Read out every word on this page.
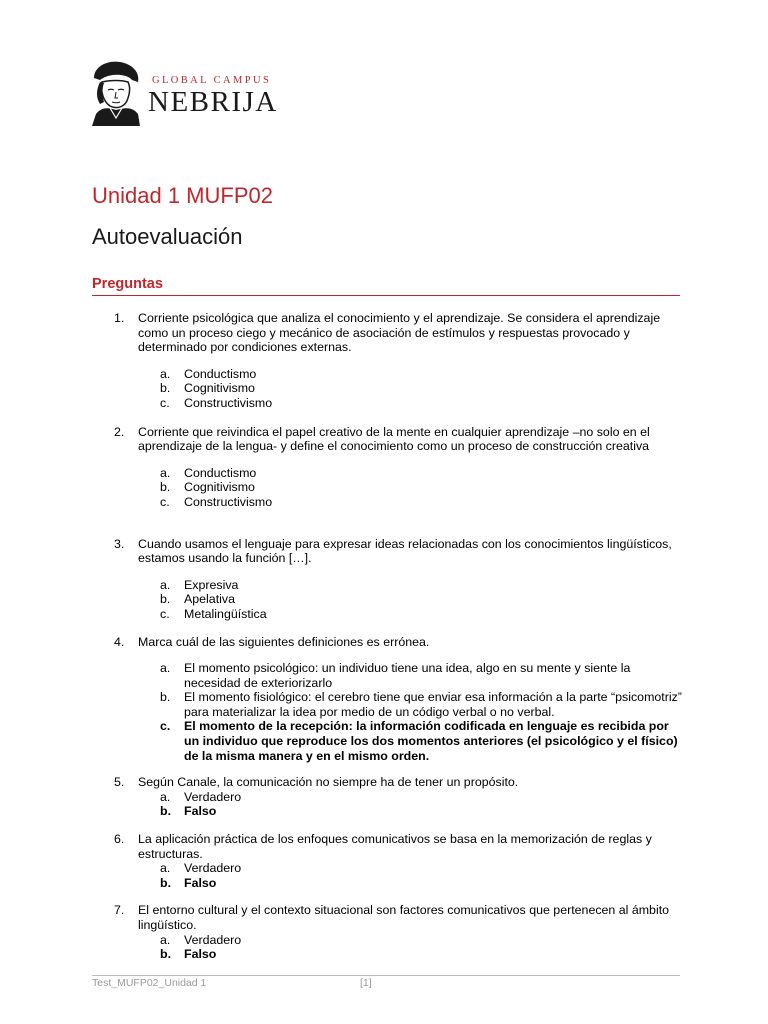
GLOBAL CAMPUS
NEBRIJA
Unidad 1 MUFP02
Autoevaluación
Preguntas
1. Corriente psicológica que analiza el conocimiento y el aprendizaje. Se considera el aprendizaje como un proceso ciego y mecánico de asociación de estímulos y respuestas provocado y determinado por condiciones externas.
a. Conductismo
b. Cognitivismo
c. Constructivismo
2. Corriente que reivindica el papel creativo de la mente en cualquier aprendizaje –no solo en el aprendizaje de la lengua- y define el conocimiento como un proceso de construcción creativa
a. Conductismo
b. Cognitivismo
c. Constructivismo
3. Cuando usamos el lenguaje para expresar ideas relacionadas con los conocimientos lingüísticos, estamos usando la función […].
a. Expresiva
b. Apelativa
c. Metalingüística
4. Marca cuál de las siguientes definiciones es errónea.
a. El momento psicológico: un individuo tiene una idea, algo en su mente y siente la necesidad de exteriorizarlo
b. El momento fisiológico: el cerebro tiene que enviar esa información a la parte “psicomotriz” para materializar la idea por medio de un código verbal o no verbal.
c. El momento de la recepción: la información codificada en lenguaje es recibida por un individuo que reproduce los dos momentos anteriores (el psicológico y el físico) de la misma manera y en el mismo orden.
5. Según Canale, la comunicación no siempre ha de tener un propósito.
a. Verdadero
b. Falso
6. La aplicación práctica de los enfoques comunicativos se basa en la memorización de reglas y estructuras.
a. Verdadero
b. Falso
7. El entorno cultural y el contexto situacional son factores comunicativos que pertenecen al ámbito lingüístico.
a. Verdadero
b. Falso
Test_MUFP02_Unidad 1	[1]
